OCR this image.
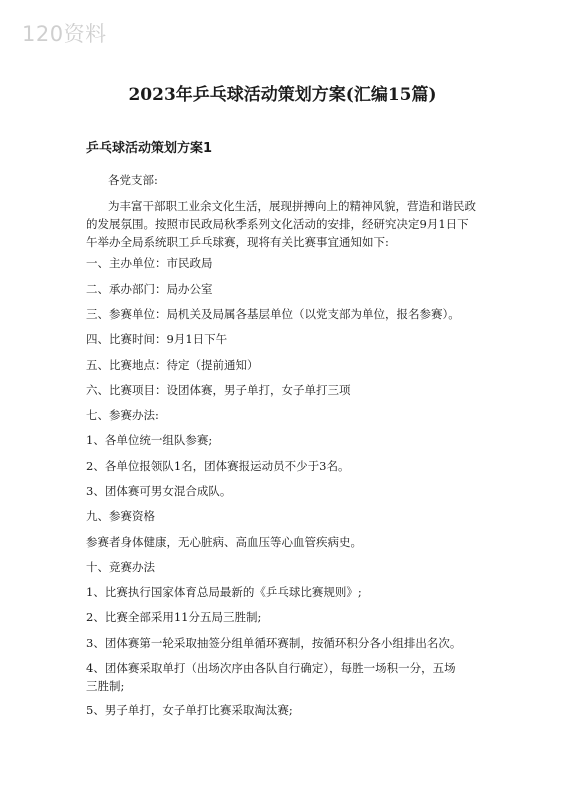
120资料
2023年乒乓球活动策划方案(汇编15篇)
乒乓球活动策划方案1
各党支部:
为丰富干部职工业余文化生活，展现拼搏向上的精神风貌，营造和谐民政
的发展氛围。按照市民政局秋季系列文化活动的安排，经研究决定9月1日下
午举办全局系统职工乒乓球赛，现将有关比赛事宜通知如下:
一、主办单位：市民政局
二、承办部门：局办公室
三、参赛单位：局机关及局属各基层单位（以党支部为单位，报名参赛）。
四、比赛时间：9月1日下午
五、比赛地点：待定（提前通知）
六、比赛项目：设团体赛，男子单打，女子单打三项
七、参赛办法:
1、各单位统一组队参赛;
2、各单位报领队1名，团体赛报运动员不少于3名。
3、团体赛可男女混合成队。
九、参赛资格
参赛者身体健康，无心脏病、高血压等心血管疾病史。
十、竞赛办法
1、比赛执行国家体育总局最新的《乒乓球比赛规则》;
2、比赛全部采用11分五局三胜制;
3、团体赛第一轮采取抽签分组单循环赛制，按循环积分各小组排出名次。
4、团体赛采取单打（出场次序由各队自行确定），每胜一场积一分，五场
三胜制;
5、男子单打，女子单打比赛采取淘汰赛;
